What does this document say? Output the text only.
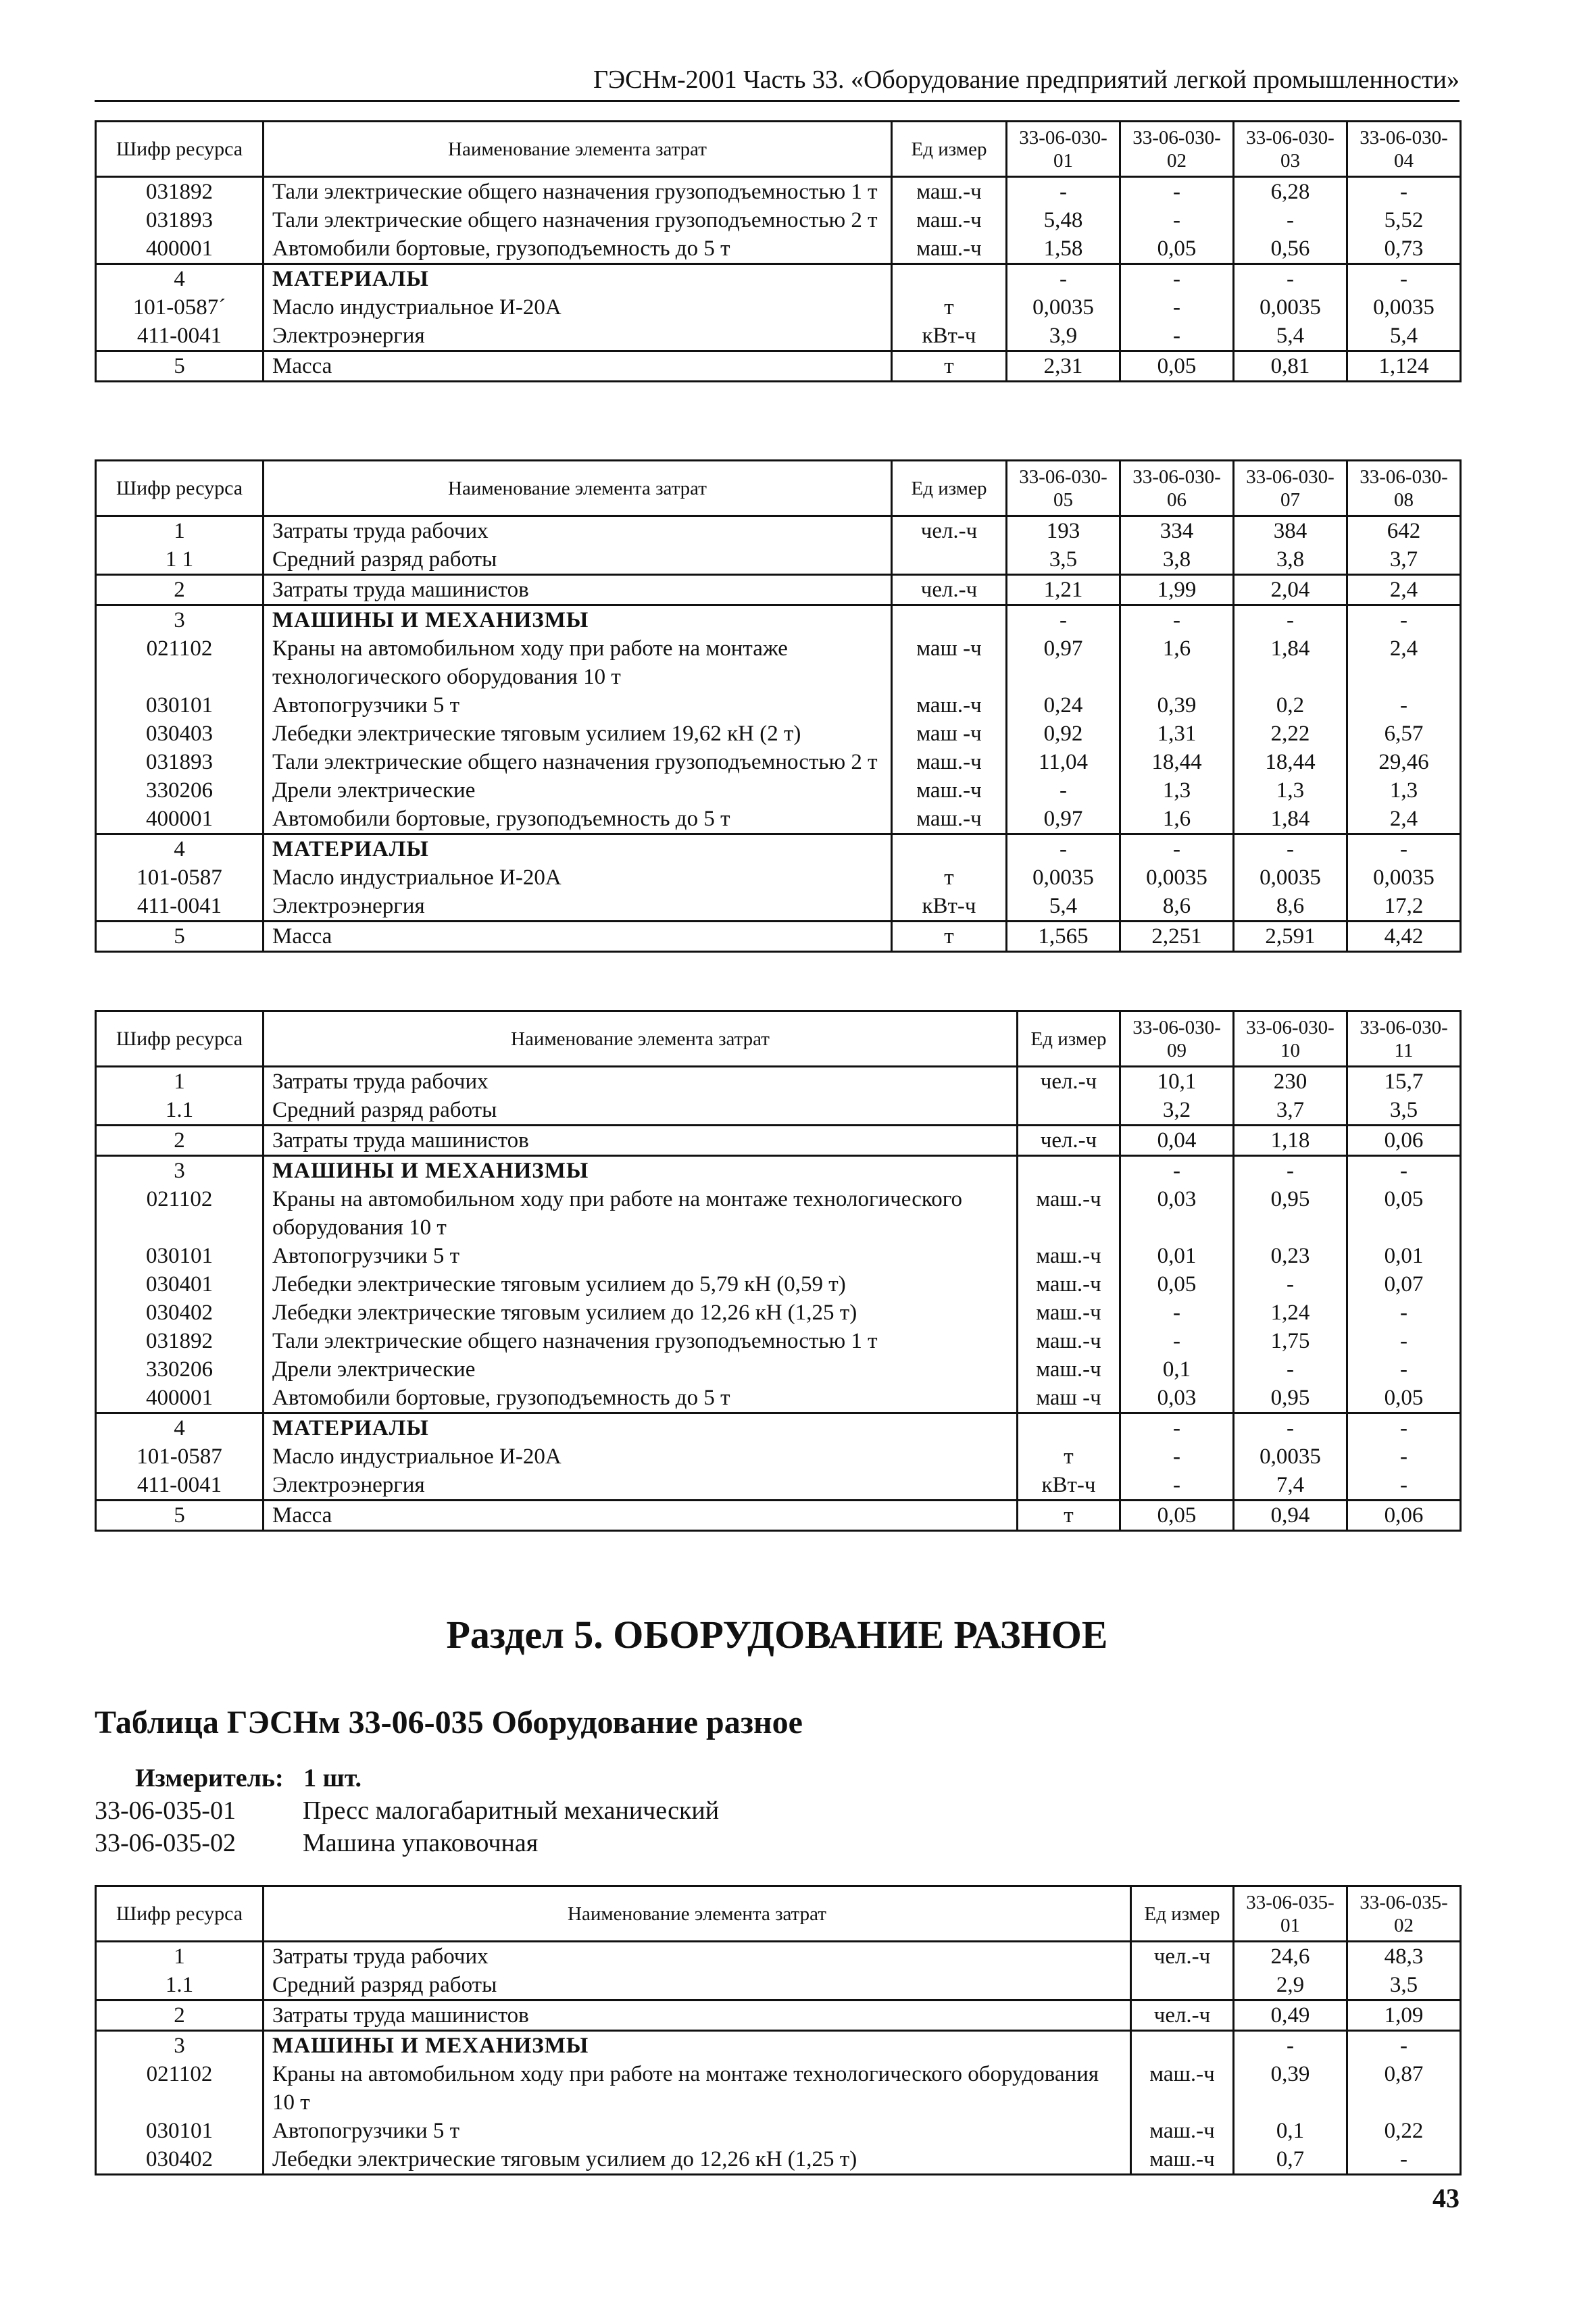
ГЭСНм-2001 Часть 33. «Оборудование предприятий легкой промышленности»
Шифр ресурса	Наименование элемента затрат	Ед измер	33-06-030-01	33-06-030-02	33-06-030-03	33-06-030-04
031892	Тали электрические общего назначения грузоподъемностью 1 т	маш.-ч	-	-	6,28	-
031893	Тали электрические общего назначения грузоподъемностью 2 т	маш.-ч	5,48	-	-	5,52
400001	Автомобили бортовые, грузоподъемность до 5 т	маш.-ч	1,58	0,05	0,56	0,73
4	МАТЕРИАЛЫ		-	-	-	-
101-0587´	Масло индустриальное И-20А	т	0,0035	-	0,0035	0,0035
411-0041	Электроэнергия	кВт-ч	3,9	-	5,4	5,4
5	Масса	т	2,31	0,05	0,81	1,124
Шифр ресурса	Наименование элемента затрат	Ед измер	33-06-030-05	33-06-030-06	33-06-030-07	33-06-030-08
1	Затраты труда рабочих	чел.-ч	193	334	384	642
1 1	Средний разряд работы		3,5	3,8	3,8	3,7
2	Затраты труда машинистов	чел.-ч	1,21	1,99	2,04	2,4
3	МАШИНЫ И МЕХАНИЗМЫ		-	-	-	-
021102	Краны на автомобильном ходу при работе на монтаже технологического оборудования 10 т	маш -ч	0,97	1,6	1,84	2,4
030101	Автопогрузчики 5 т	маш.-ч	0,24	0,39	0,2	-
030403	Лебедки электрические тяговым усилием 19,62 кН (2 т)	маш -ч	0,92	1,31	2,22	6,57
031893	Тали электрические общего назначения грузоподъемностью 2 т	маш.-ч	11,04	18,44	18,44	29,46
330206	Дрели электрические	маш.-ч	-	1,3	1,3	1,3
400001	Автомобили бортовые, грузоподъемность до 5 т	маш.-ч	0,97	1,6	1,84	2,4
4	МАТЕРИАЛЫ		-	-	-	-
101-0587	Масло индустриальное И-20А	т	0,0035	0,0035	0,0035	0,0035
411-0041	Электроэнергия	кВт-ч	5,4	8,6	8,6	17,2
5	Масса	т	1,565	2,251	2,591	4,42
Шифр ресурса	Наименование элемента затрат	Ед измер	33-06-030-09	33-06-030-10	33-06-030-11
1	Затраты труда рабочих	чел.-ч	10,1	230	15,7
1.1	Средний разряд работы		3,2	3,7	3,5
2	Затраты труда машинистов	чел.-ч	0,04	1,18	0,06
3	МАШИНЫ И МЕХАНИЗМЫ		-	-	-
021102	Краны на автомобильном ходу при работе на монтаже технологического оборудования 10 т	маш.-ч	0,03	0,95	0,05
030101	Автопогрузчики 5 т	маш.-ч	0,01	0,23	0,01
030401	Лебедки электрические тяговым усилием до 5,79 кН (0,59 т)	маш.-ч	0,05	-	0,07
030402	Лебедки электрические тяговым усилием до 12,26 кН (1,25 т)	маш.-ч	-	1,24	-
031892	Тали электрические общего назначения грузоподъемностью 1 т	маш.-ч	-	1,75	-
330206	Дрели электрические	маш.-ч	0,1	-	-
400001	Автомобили бортовые, грузоподъемность до 5 т	маш -ч	0,03	0,95	0,05
4	МАТЕРИАЛЫ		-	-	-
101-0587	Масло индустриальное И-20А	т	-	0,0035	-
411-0041	Электроэнергия	кВт-ч	-	7,4	-
5	Масса	т	0,05	0,94	0,06
Раздел 5. ОБОРУДОВАНИЕ РАЗНОЕ
Таблица ГЭСНм 33-06-035 Оборудование разное
Измеритель: 1 шт.
33-06-035-01	Пресс малогабаритный механический
33-06-035-02	Машина упаковочная
Шифр ресурса	Наименование элемента затрат	Ед измер	33-06-035-01	33-06-035-02
1	Затраты труда рабочих	чел.-ч	24,6	48,3
1.1	Средний разряд работы		2,9	3,5
2	Затраты труда машинистов	чел.-ч	0,49	1,09
3	МАШИНЫ И МЕХАНИЗМЫ		-	-
021102	Краны на автомобильном ходу при работе на монтаже технологического оборудования 10 т	маш.-ч	0,39	0,87
030101	Автопогрузчики 5 т	маш.-ч	0,1	0,22
030402	Лебедки электрические тяговым усилием до 12,26 кН (1,25 т)	маш.-ч	0,7	-
43
